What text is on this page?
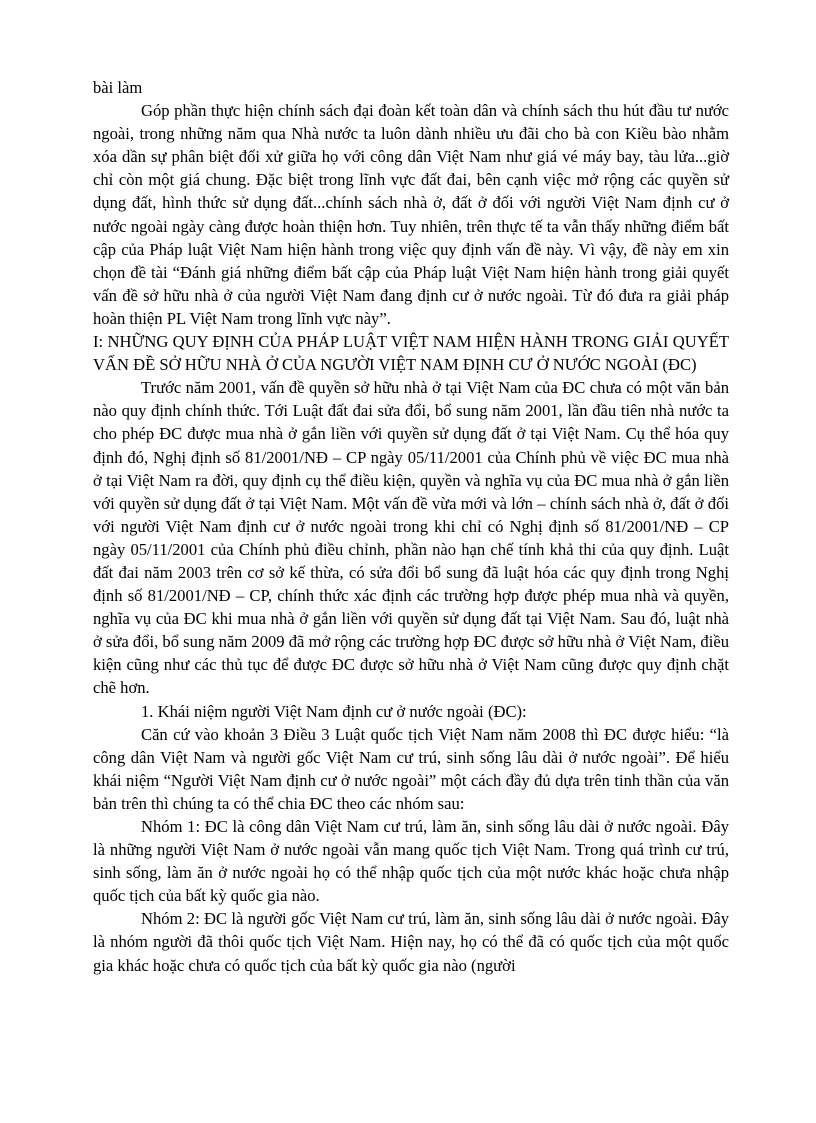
bài làm

Góp phần thực hiện chính sách đại đoàn kết toàn dân và chính sách thu hút đầu tư nước ngoài, trong những năm qua Nhà nước ta luôn dành nhiều ưu đãi cho bà con Kiều bào nhằm xóa dần sự phân biệt đối xử giữa họ với công dân Việt Nam như giá vé máy bay, tàu lửa...giờ chỉ còn một giá chung. Đặc biệt trong lĩnh vực đất đai, bên cạnh việc mở rộng các quyền sử dụng đất, hình thức sử dụng đất...chính sách nhà ở, đất ở đối với người Việt Nam định cư ở nước ngoài ngày càng được hoàn thiện hơn. Tuy nhiên, trên thực tế ta vẫn thấy những điểm bất cập của Pháp luật Việt Nam hiện hành trong việc quy định vấn đề này. Vì vậy, đề này em xin chọn đề tài “Đánh giá những điểm bất cập của Pháp luật Việt Nam hiện hành trong giải quyết vấn đề sở hữu nhà ở của người Việt Nam đang định cư ở nước ngoài. Từ đó đưa ra giải pháp hoàn thiện PL Việt Nam trong lĩnh vực này”.

I: NHỮNG QUY ĐỊNH CỦA PHÁP LUẬT VIỆT NAM HIỆN HÀNH TRONG GIẢI QUYẾT VẤN ĐỀ SỞ HỮU NHÀ Ở CỦA NGƯỜI VIỆT NAM ĐỊNH CƯ Ở NƯỚC NGOÀI (ĐC)

Trước năm 2001, vấn đề quyền sở hữu nhà ở tại Việt Nam của ĐC chưa có một văn bản nào quy định chính thức. Tới Luật đất đai sửa đổi, bổ sung năm 2001, lần đầu tiên nhà nước ta cho phép ĐC được mua nhà ở gắn liền với quyền sử dụng đất ở tại Việt Nam. Cụ thể hóa quy định đó, Nghị định số 81/2001/NĐ – CP ngày 05/11/2001 của Chính phủ về việc ĐC mua nhà ở tại Việt Nam ra đời, quy định cụ thể điều kiện, quyền và nghĩa vụ của ĐC mua nhà ở gắn liền với quyền sử dụng đất ở tại Việt Nam. Một vấn đề vừa mới và lớn – chính sách nhà ở, đất ở đối với người Việt Nam định cư ở nước ngoài trong khi chỉ có Nghị định số 81/2001/NĐ – CP ngày 05/11/2001 của Chính phủ điều chỉnh, phần nào hạn chế tính khả thi của quy định. Luật đất đai năm 2003 trên cơ sở kế thừa, có sửa đổi bổ sung đã luật hóa các quy định trong Nghị định số 81/2001/NĐ – CP, chính thức xác định các trường hợp được phép mua nhà và quyền, nghĩa vụ của ĐC khi mua nhà ở gắn liền với quyền sử dụng đất tại Việt Nam. Sau đó, luật nhà ở sửa đổi, bổ sung năm 2009 đã mở rộng các trường hợp ĐC được sở hữu nhà ở Việt Nam, điều kiện cũng như các thủ tục để được ĐC được sở hữu nhà ở Việt Nam cũng được quy định chặt chẽ hơn.

1. Khái niệm người Việt Nam định cư ở nước ngoài (ĐC):

Căn cứ vào khoản 3 Điều 3 Luật quốc tịch Việt Nam năm 2008 thì ĐC được hiểu: “là công dân Việt Nam và người gốc Việt Nam cư trú, sinh sống lâu dài ở nước ngoài”. Để hiểu khái niệm “Người Việt Nam định cư ở nước ngoài” một cách đầy đủ dựa trên tinh thần của văn bản trên thì chúng ta có thể chia ĐC theo các nhóm sau:

Nhóm 1: ĐC là công dân Việt Nam cư trú, làm ăn, sinh sống lâu dài ở nước ngoài. Đây là những người Việt Nam ở nước ngoài vẫn mang quốc tịch Việt Nam. Trong quá trình cư trú, sinh sống, làm ăn ở nước ngoài họ có thể nhập quốc tịch của một nước khác hoặc chưa nhập quốc tịch của bất kỳ quốc gia nào.

Nhóm 2: ĐC là người gốc Việt Nam cư trú, làm ăn, sinh sống lâu dài ở nước ngoài. Đây là nhóm người đã thôi quốc tịch Việt Nam. Hiện nay, họ có thể đã có quốc tịch của một quốc gia khác hoặc chưa có quốc tịch của bất kỳ quốc gia nào (người
